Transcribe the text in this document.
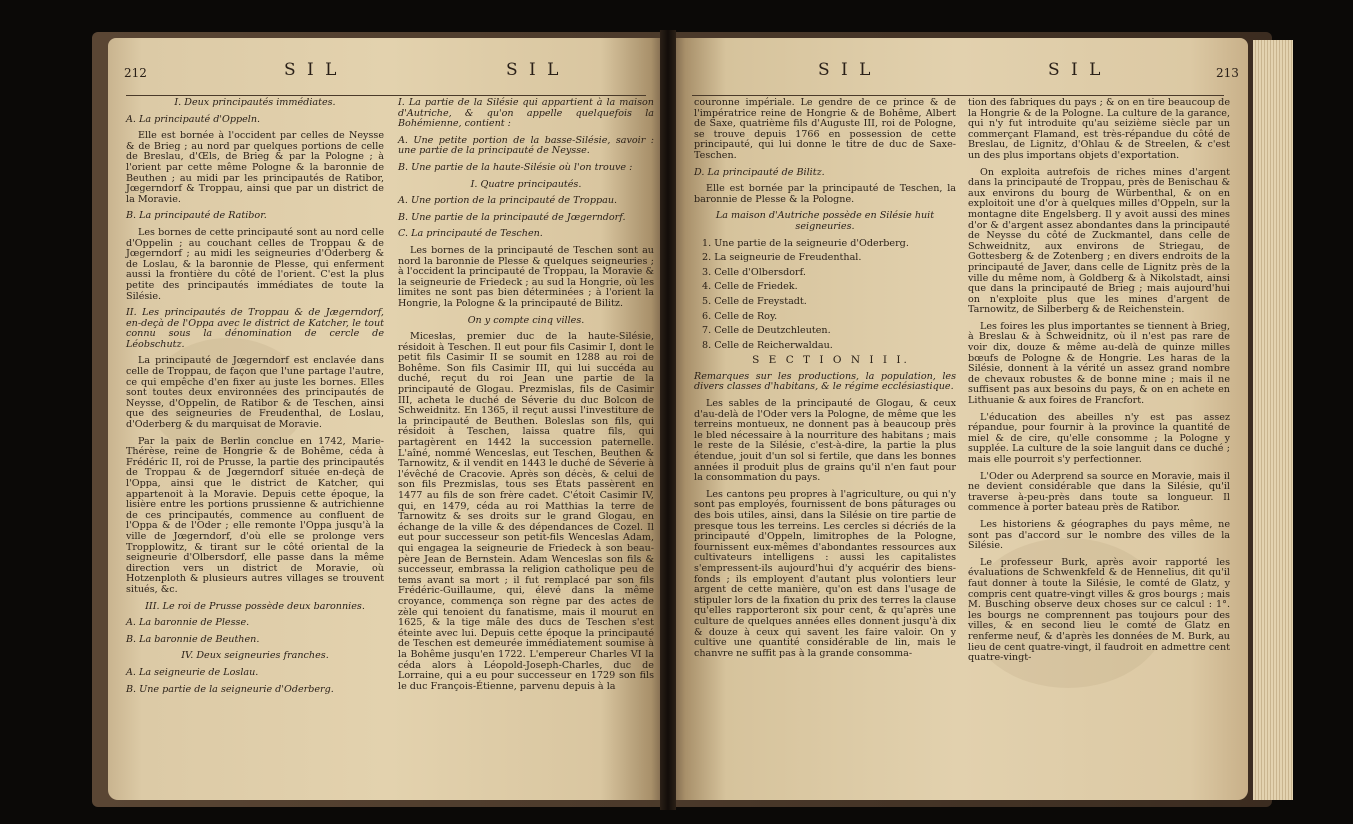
212	S I L	S I L

I. Deux principautés immédiates.

A. La principauté d'Oppeln.

Elle est bornée à l'occident par celles de Neysse & de Brieg ; au nord par quelques portions de celle de Breslau, d'Œls, de Brieg & par la Pologne ; à l'orient par cette même Pologne & la baronnie de Beuthen ; au midi par les principautés de Ratibor, Jœgerndorf & Troppau, ainsi que par un district de la Moravie.

B. La principauté de Ratibor.

Les bornes de cette principauté sont au nord celle d'Oppelin ; au couchant celles de Troppau & de Jœgerndorf ; au midi les seigneuries d'Oderberg & de Loslau, & la baronnie de Plesse, qui enferment aussi la frontière du côté de l'orient. C'est la plus petite des principautés immédiates de toute la Silésie.

II. Les principautés de Troppau & de Jægerndorf, en-deçà de l'Oppa avec le district de Katcher, le tout connu sous la dénomination de cercle de Léobschutz.

La principauté de Jœgerndorf est enclavée dans celle de Troppau, de façon que l'une partage l'autre, ce qui empêche d'en fixer au juste les bornes. Elles sont toutes deux environnées des principautés de Neysse, d'Oppelin, de Ratibor & de Teschen, ainsi que des seigneuries de Freudenthal, de Loslau, d'Oderberg & du marquisat de Moravie.

Par la paix de Berlin conclue en 1742, Marie-Thérèse, reine de Hongrie & de Bohême, céda à Frédéric II, roi de Prusse, la partie des principautés de Troppau & de Jœgerndorf située en-deçà de l'Oppa, ainsi que le district de Katcher, qui appartenoit à la Moravie. Depuis cette époque, la lisière entre les portions prussienne & autrichienne de ces principautés, commence au confluent de l'Oppa & de l'Oder ; elle remonte l'Oppa jusqu'à la ville de Jœgerndorf, d'où elle se prolonge vers Tropplowitz, & tirant sur le côté oriental de la seigneurie d'Olbersdorf, elle passe dans la même direction vers un district de Moravie, où Hotzenploth & plusieurs autres villages se trouvent situés, &c.

III. Le roi de Prusse possède deux baronnies.

A. La baronnie de Plesse.

B. La baronnie de Beuthen.

IV. Deux seigneuries franches.

A. La seigneurie de Loslau.

B. Une partie de la seigneurie d'Oderberg.

I. La partie de la Silésie qui appartient à la maison d'Autriche, & qu'on appelle quelquefois la Bohémienne, contient :

A. Une petite portion de la basse-Silésie, savoir : une partie de la principauté de Neysse.

B. Une partie de la haute-Silésie où l'on trouve :

I. Quatre principautés.

A. Une portion de la principauté de Troppau.

B. Une partie de la principauté de Jœgerndorf.

C. La principauté de Teschen.

Les bornes de la principauté de Teschen sont au nord la baronnie de Plesse & quelques seigneuries ; à l'occident la principauté de Troppau, la Moravie & la seigneurie de Friedeck ; au sud la Hongrie, où les limites ne sont pas bien déterminées ; à l'orient la Hongrie, la Pologne & la principauté de Bilitz.

On y compte cinq villes.

Micesłas, premier duc de la haute-Silésie, résidoit à Teschen. Il eut pour fils Casimir I, dont le petit fils Casimir II se soumit en 1288 au roi de Bohême. Son fils Casimir III, qui lui succéda au duché, reçut du roi Jean une partie de la principauté de Glogau. Prezmislas, fils de Casimir III, acheta le duché de Séverie du duc Bolcon de Schweidnitz. En 1365, il reçut aussi l'investiture de la principauté de Beuthen. Boleslas son fils, qui résidoit à Teschen, laissa quatre fils, qui partagèrent en 1442 la succession paternelle. L'aîné, nommé Wenceslas, eut Teschen, Beuthen & Tarnowitz, & il vendit en 1443 le duché de Séverie à l'évêché de Cracovie. Après son décès, & celui de son fils Prezmislas, tous ses États passèrent en 1477 au fils de son frère cadet. C'étoit Casimir IV, qui, en 1479, céda au roi Matthias la terre de Tarnowitz & ses droits sur le grand Glogau, en échange de la ville & des dépendances de Cozel. Il eut pour successeur son petit-fils Wenceslas Adam, qui engagea la seigneurie de Friedeck à son beau-père Jean de Bernstein. Adam Wenceslas son fils & successeur, embrassa la religion catholique peu de tems avant sa mort ; il fut remplacé par son fils Frédéric-Guillaume, qui, élevé dans la même croyance, commença son règne par des actes de zèle qui tenoient du fanatisme, mais il mourut en 1625, & la tige mâle des ducs de Teschen s'est éteinte avec lui. Depuis cette époque la principauté de Teschen est demeurée immédiatement soumise à la Bohême jusqu'en 1722. L'empereur Charles VI la céda alors à Léopold-Joseph-Charles, duc de Lorraine, qui a eu pour successeur en 1729 son fils le duc François-Étienne, parvenu depuis à la

S I L	S I L	213

couronne impériale. Le gendre de ce prince & de l'impératrice reine de Hongrie & de Bohême, Albert de Saxe, quatrième fils d'Auguste III, roi de Pologne, se trouve depuis 1766 en possession de cette principauté, qui lui donne le titre de duc de Saxe-Teschen.

D. La principauté de Bilitz.

Elle est bornée par la principauté de Teschen, la baronnie de Plesse & la Pologne.

La maison d'Autriche possède en Silésie huit seigneuries.

1. Une partie de la seigneurie d'Oderberg.

2. La seigneurie de Freudenthal.

3. Celle d'Olbersdorf.

4. Celle de Friedek.

5. Celle de Freystadt.

6. Celle de Roy.

7. Celle de Deutzchleuten.

8. Celle de Reicherwaldau.

S E C T I O N I I I.

Remarques sur les productions, la population, les divers classes d'habitans, & le régime ecclésiastique.

Les sables de la principauté de Glogau, & ceux d'au-delà de l'Oder vers la Pologne, de même que les terreins montueux, ne donnent pas à beaucoup près le bled nécessaire à la nourriture des habitans ; mais le reste de la Silésie, c'est-à-dire, la partie la plus étendue, jouit d'un sol si fertile, que dans les bonnes années il produit plus de grains qu'il n'en faut pour la consommation du pays.

Les cantons peu propres à l'agriculture, ou qui n'y sont pas employés, fournissent de bons pâturages ou des bois utiles, ainsi, dans la Silésie on tire partie de presque tous les terreins. Les cercles si décriés de la principauté d'Oppeln, limitrophes de la Pologne, fournissent eux-mêmes d'abondantes ressources aux cultivateurs intelligens : aussi les capitalistes s'empressent-ils aujourd'hui d'y acquérir des biens-fonds ; ils employent d'autant plus volontiers leur argent de cette manière, qu'on est dans l'usage de stipuler lors de la fixation du prix des terres la clause qu'elles rapporteront six pour cent, & qu'après une culture de quelques années elles donnent jusqu'à dix & douze à ceux qui savent les faire valoir. On y cultive une quantité considérable de lin, mais le chanvre ne suffit pas à la grande consomma-

tion des fabriques du pays ; & on en tire beaucoup de la Hongrie & de la Pologne. La culture de la garance, qui n'y fut introduite qu'au seizième siècle par un commerçant Flamand, est très-répandue du côté de Breslau, de Lignitz, d'Ohlau & de Streelen, & c'est un des plus importans objets d'exportation.

On exploita autrefois de riches mines d'argent dans la principauté de Troppau, près de Benischau & aux environs du bourg de Würbenthal, & on en exploitoit une d'or à quelques milles d'Oppeln, sur la montagne dite Engelsberg. Il y avoit aussi des mines d'or & d'argent assez abondantes dans la principauté de Neysse du côté de Zuckmantel, dans celle de Schweidnitz, aux environs de Striegau, de Gottesberg & de Zotenberg ; en divers endroits de la principauté de Javer, dans celle de Lignitz près de la ville du même nom, à Goldberg & à Nikolstadt, ainsi que dans la principauté de Brieg ; mais aujourd'hui on n'exploite plus que les mines d'argent de Tarnowitz, de Silberberg & de Reichenstein.

Les foires les plus importantes se tiennent à Brieg, à Breslau & à Schweidnitz, où il n'est pas rare de voir dix, douze & même au-delà de quinze milles bœufs de Pologne & de Hongrie. Les haras de la Silésie, donnent à la vérité un assez grand nombre de chevaux robustes & de bonne mine ; mais il ne suffisent pas aux besoins du pays, & on en achete en Lithuanie & aux foires de Francfort.

L'éducation des abeilles n'y est pas assez répandue, pour fournir à la province la quantité de miel & de cire, qu'elle consomme ; la Pologne y supplée. La culture de la soie languit dans ce duché ; mais elle pourroit s'y perfectionner.

L'Oder ou Aderprend sa source en Moravie, mais il ne devient considérable que dans la Silésie, qu'il traverse à-peu-près dans toute sa longueur. Il commence à porter bateau près de Ratibor.

Les historiens & géographes du pays même, ne sont pas d'accord sur le nombre des villes de la Silésie.

Le professeur Burk, après avoir rapporté les évaluations de Schwenkfeld & de Hennelius, dit qu'il faut donner à toute la Silésie, le comté de Glatz, y compris cent quatre-vingt villes & gros bourgs ; mais M. Busching observe deux choses sur ce calcul : 1°. les bourgs ne comprennent pas toujours pour des villes, & en second lieu le comté de Glatz en renferme neuf, & d'après les données de M. Burk, au lieu de cent quatre-vingt, il faudroit en admettre cent quatre-vingt-
